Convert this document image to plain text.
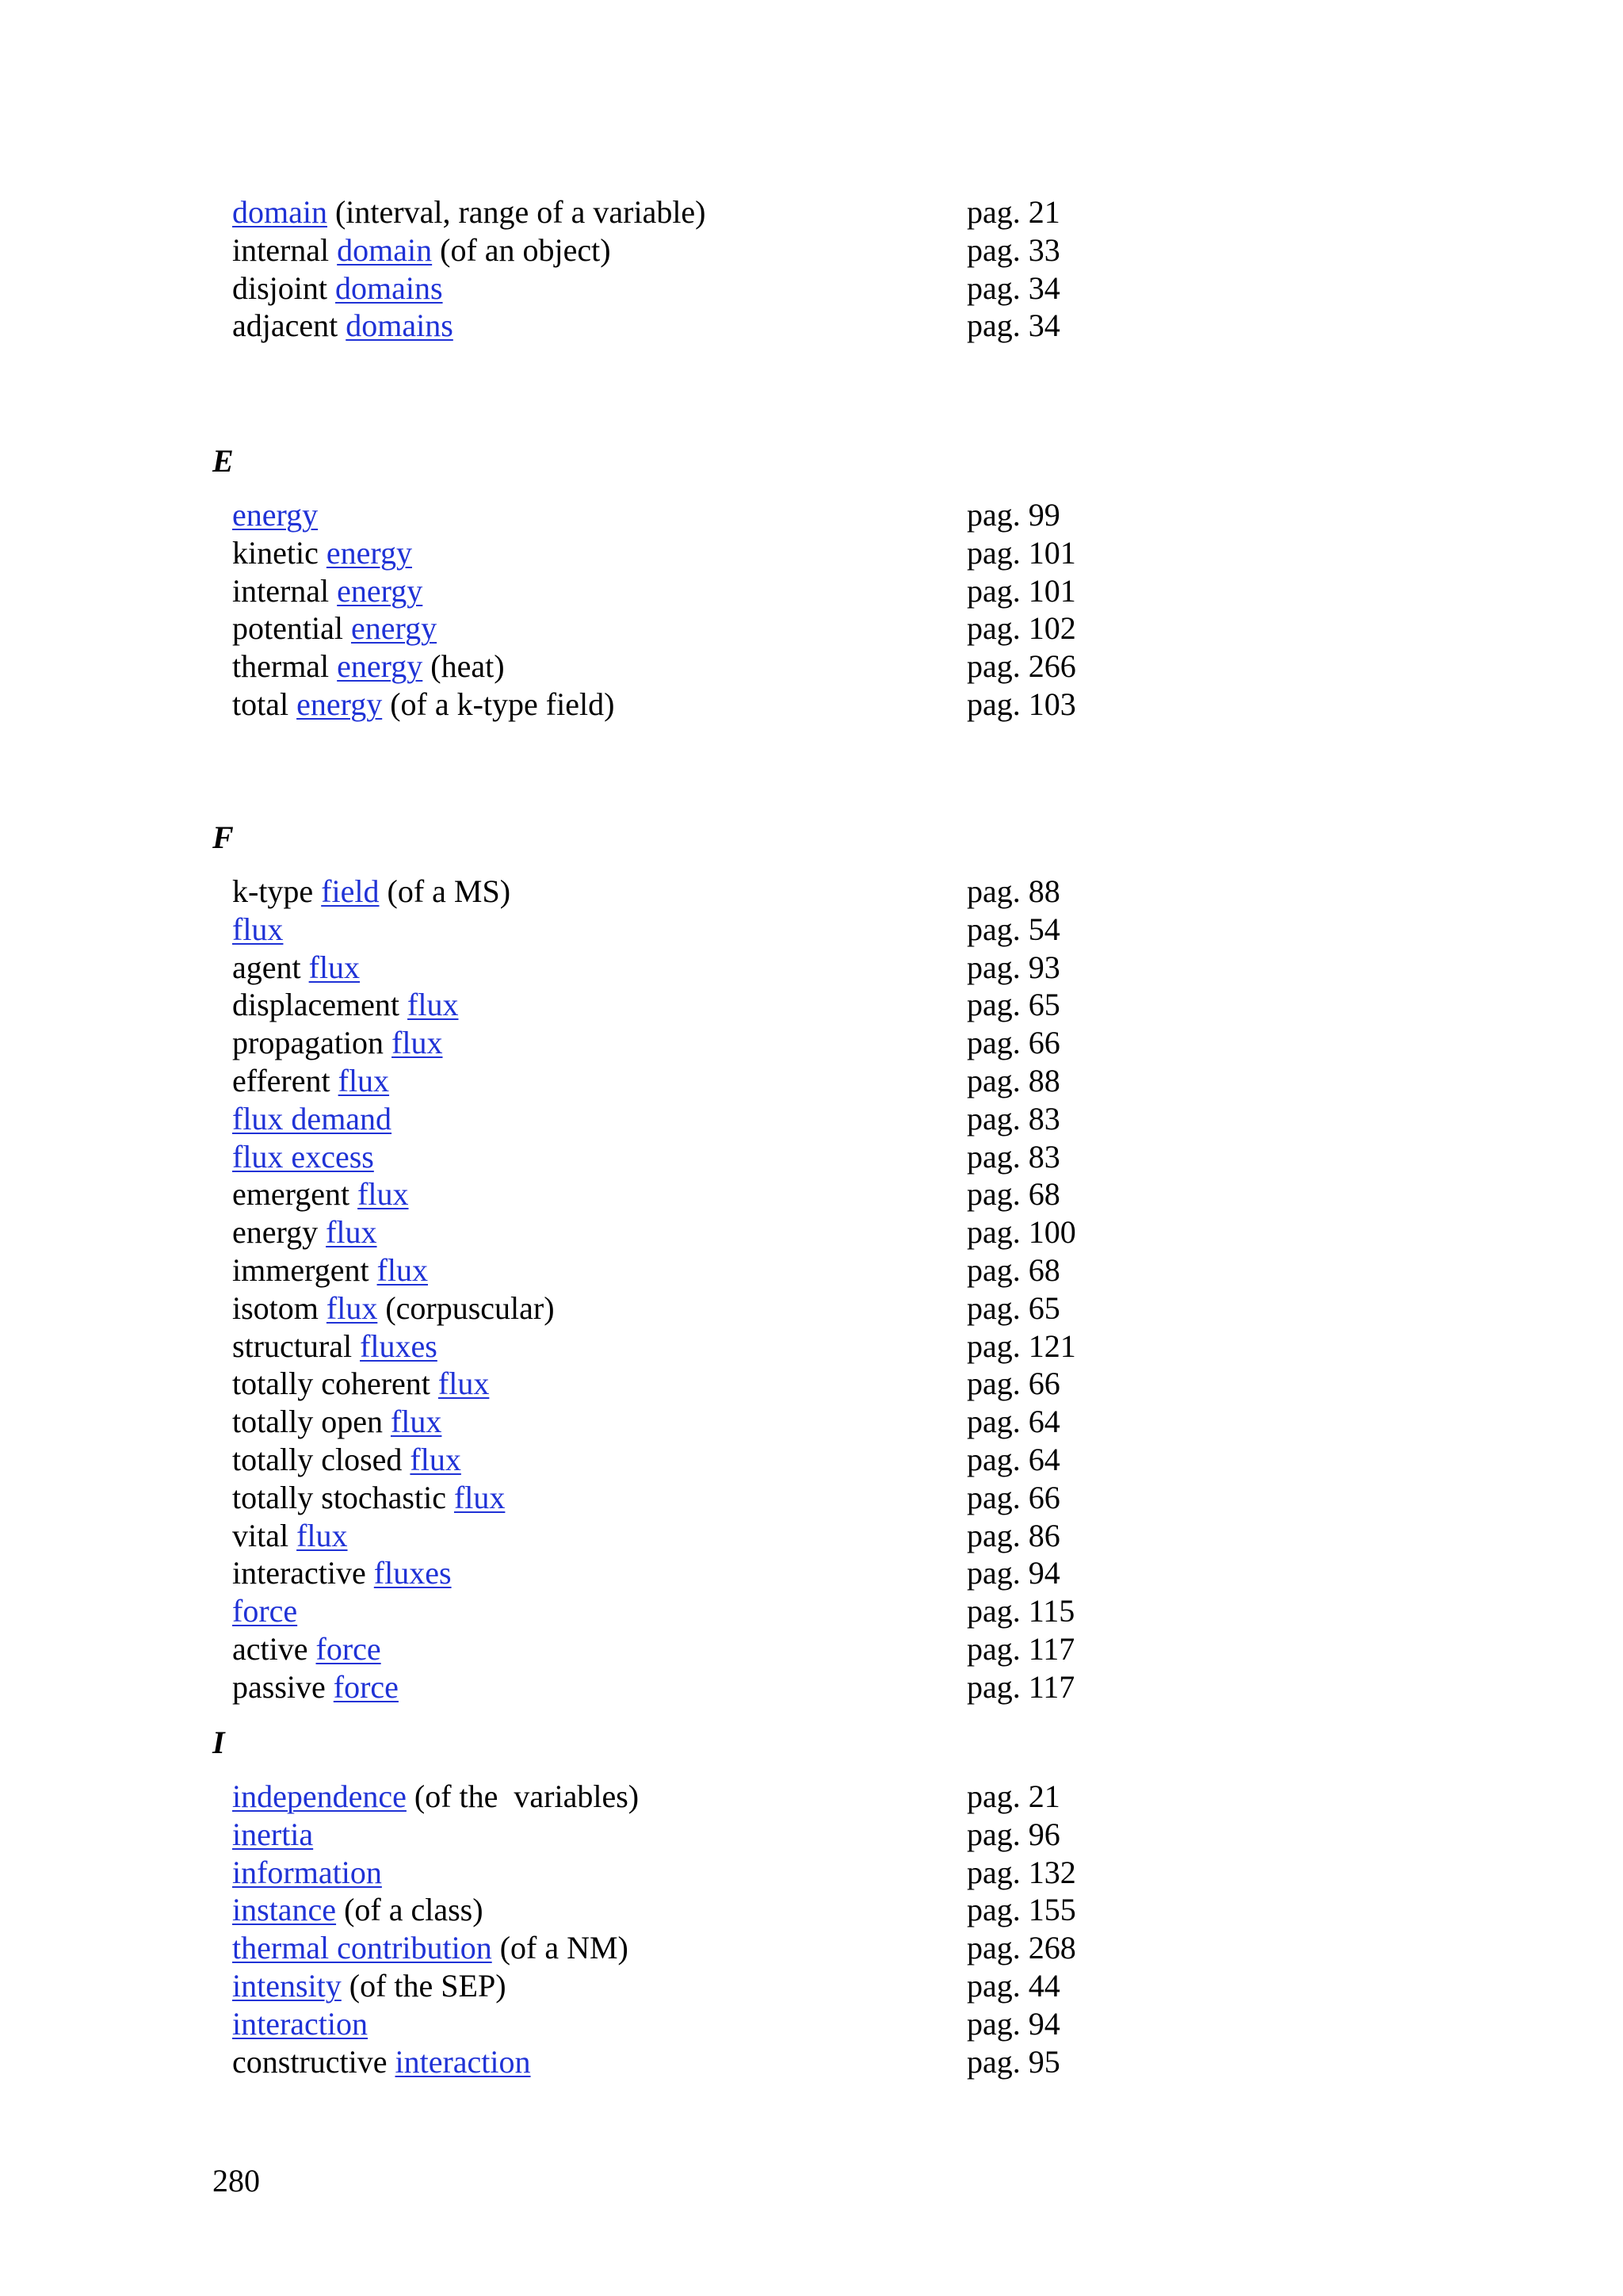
domain (interval, range of a variable)	pag. 21
internal domain (of an object)	pag. 33
disjoint domains	pag. 34
adjacent domains	pag. 34
E
energy	pag. 99
kinetic energy	pag. 101
internal energy	pag. 101
potential energy	pag. 102
thermal energy (heat)	pag. 266
total energy (of a k-type field)	pag. 103
F
k-type field (of a MS)	pag. 88
flux	pag. 54
agent flux	pag. 93
displacement flux	pag. 65
propagation flux	pag. 66
efferent flux	pag. 88
flux demand	pag. 83
flux excess	pag. 83
emergent flux	pag. 68
energy flux	pag. 100
immergent flux	pag. 68
isotom flux (corpuscular)	pag. 65
structural fluxes	pag. 121
totally coherent flux	pag. 66
totally open flux	pag. 64
totally closed flux	pag. 64
totally stochastic flux	pag. 66
vital flux	pag. 86
interactive fluxes	pag. 94
force	pag. 115
active force	pag. 117
passive force	pag. 117
I
independence (of the  variables)	pag. 21
inertia	pag. 96
information	pag. 132
instance (of a class)	pag. 155
thermal contribution (of a NM)	pag. 268
intensity (of the SEP)	pag. 44
interaction	pag. 94
constructive interaction	pag. 95
280
